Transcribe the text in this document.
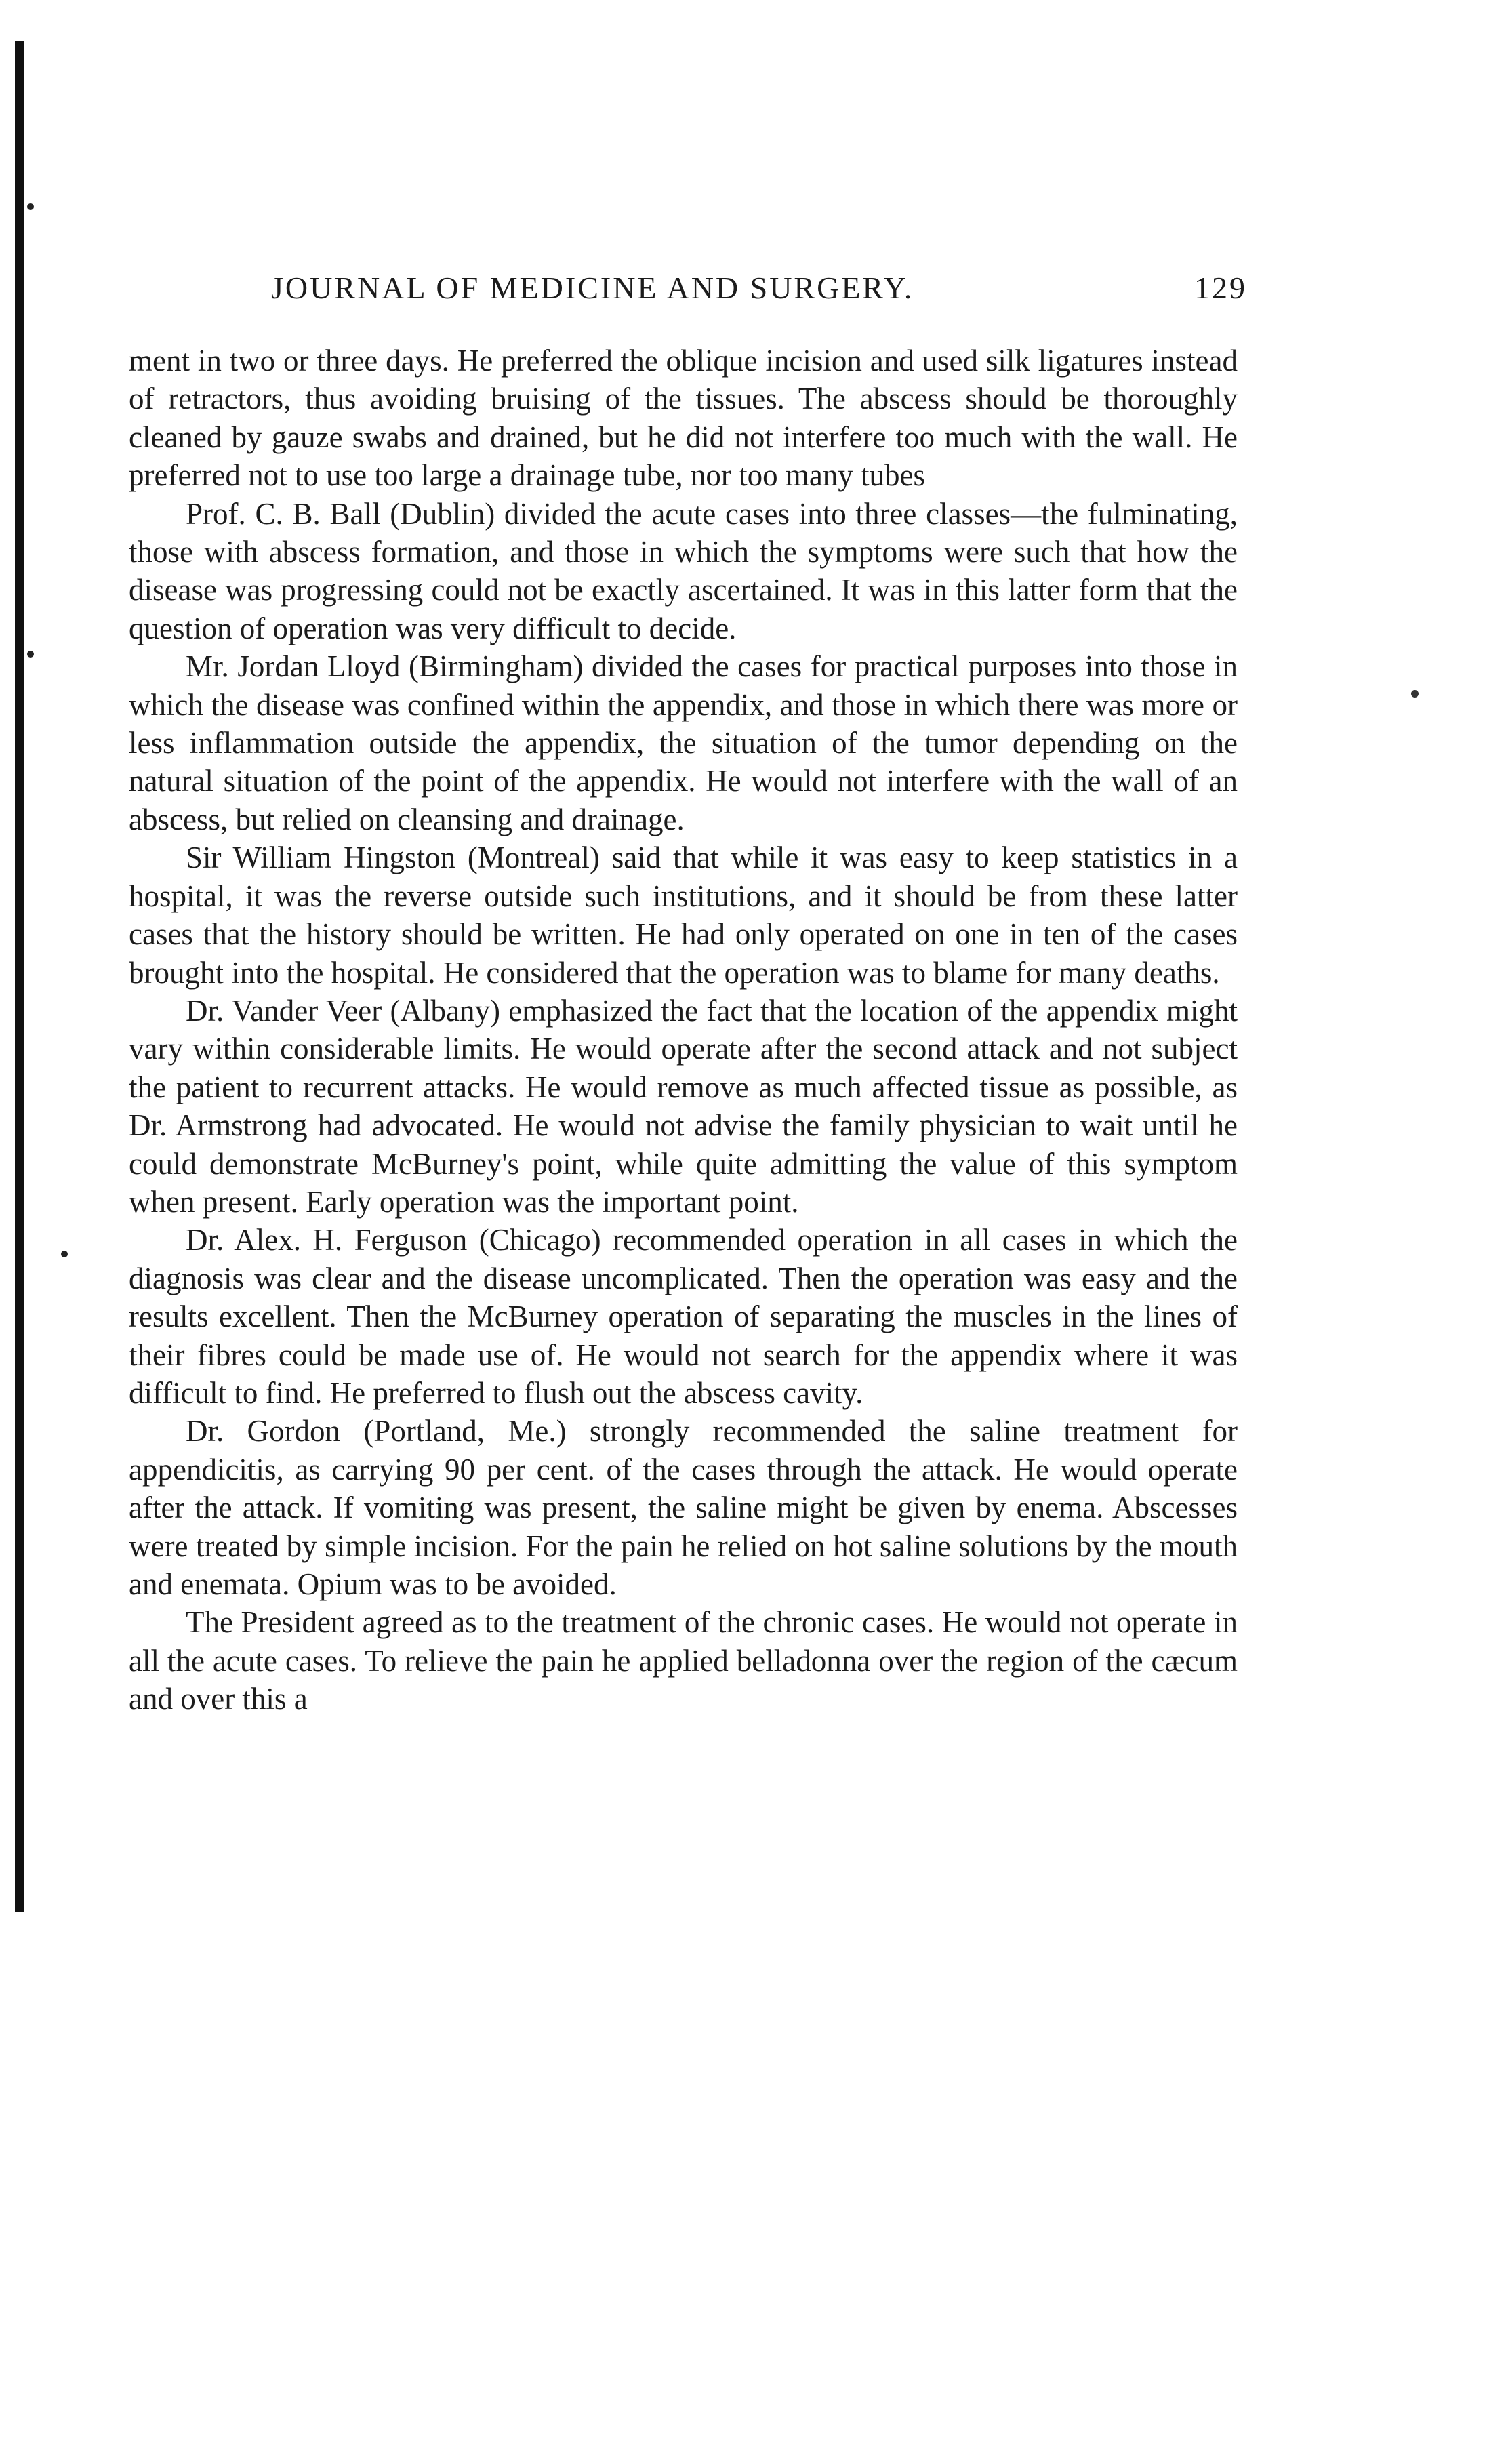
JOURNAL OF MEDICINE AND SURGERY.	129

ment in two or three days. He preferred the oblique incision and used silk ligatures instead of retractors, thus avoiding bruising of the tissues. The abscess should be thoroughly cleaned by gauze swabs and drained, but he did not interfere too much with the wall. He preferred not to use too large a drainage tube, nor too many tubes

Prof. C. B. Ball (Dublin) divided the acute cases into three classes—the fulminating, those with abscess formation, and those in which the symptoms were such that how the disease was progressing could not be exactly ascertained. It was in this latter form that the question of operation was very difficult to decide.

Mr. Jordan Lloyd (Birmingham) divided the cases for practical purposes into those in which the disease was confined within the appendix, and those in which there was more or less inflammation outside the appendix, the situation of the tumor depending on the natural situation of the point of the appendix. He would not interfere with the wall of an abscess, but relied on cleansing and drainage.

Sir William Hingston (Montreal) said that while it was easy to keep statistics in a hospital, it was the reverse outside such institutions, and it should be from these latter cases that the history should be written. He had only operated on one in ten of the cases brought into the hospital. He considered that the operation was to blame for many deaths.

Dr. Vander Veer (Albany) emphasized the fact that the location of the appendix might vary within considerable limits. He would operate after the second attack and not subject the patient to recurrent attacks. He would remove as much affected tissue as possible, as Dr. Armstrong had advocated. He would not advise the family physician to wait until he could demonstrate McBurney's point, while quite admitting the value of this symptom when present. Early operation was the important point.

Dr. Alex. H. Ferguson (Chicago) recommended operation in all cases in which the diagnosis was clear and the disease uncomplicated. Then the operation was easy and the results excellent. Then the McBurney operation of separating the muscles in the lines of their fibres could be made use of. He would not search for the appendix where it was difficult to find. He preferred to flush out the abscess cavity.

Dr. Gordon (Portland, Me.) strongly recommended the saline treatment for appendicitis, as carrying 90 per cent. of the cases through the attack. He would operate after the attack. If vomiting was present, the saline might be given by enema. Abscesses were treated by simple incision. For the pain he relied on hot saline solutions by the mouth and enemata. Opium was to be avoided.

The President agreed as to the treatment of the chronic cases. He would not operate in all the acute cases. To relieve the pain he applied belladonna over the region of the cæcum and over this a
